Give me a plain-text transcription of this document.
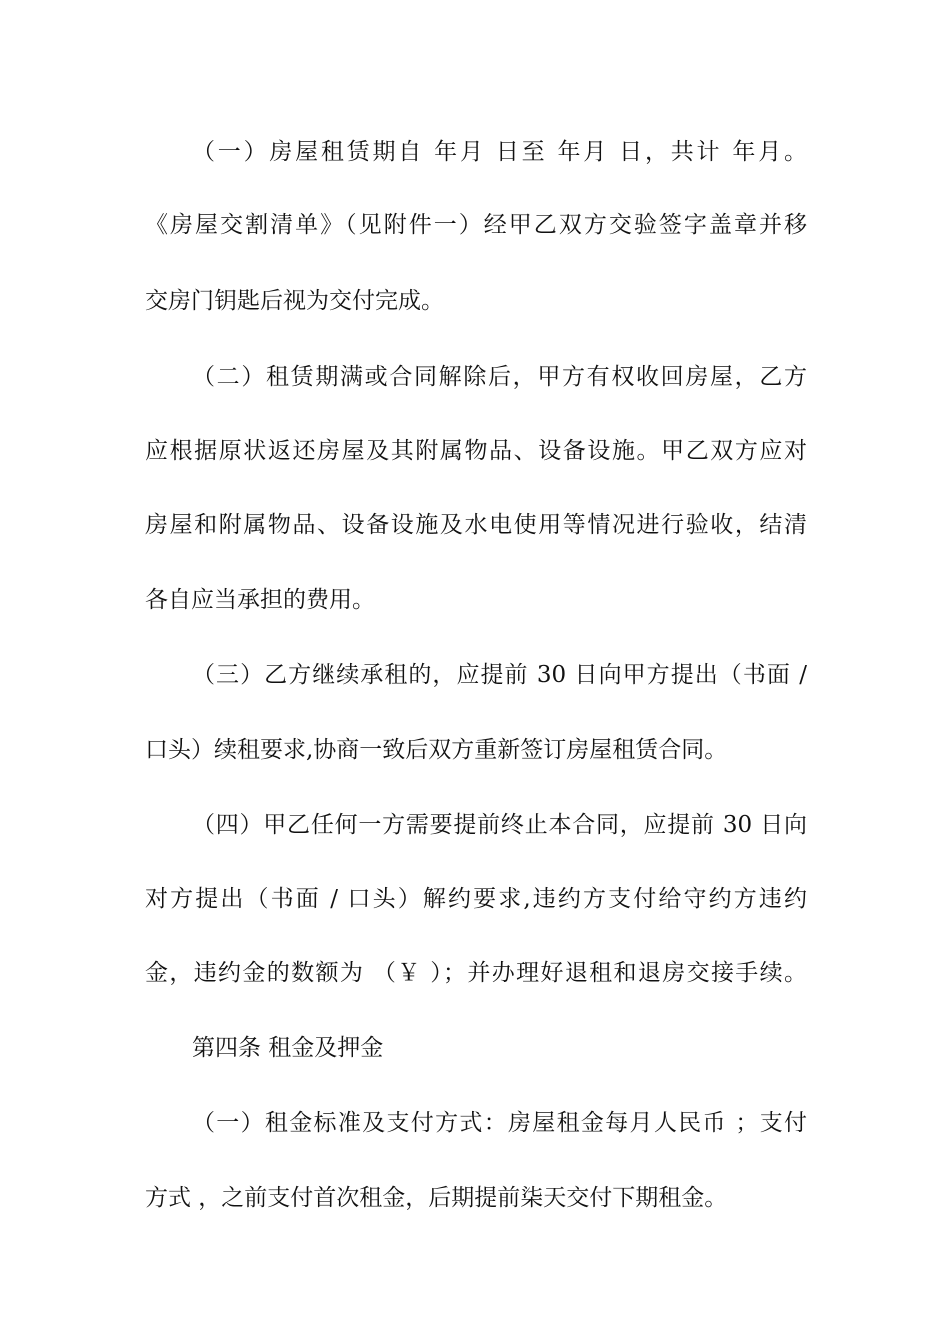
（一）房屋租赁期自 年月 日至 年月 日，共计 年月。
《房屋交割清单》（见附件一）经甲乙双方交验签字盖章并移
交房门钥匙后视为交付完成。
（二）租赁期满或合同解除后，甲方有权收回房屋，乙方
应根据原状返还房屋及其附属物品、设备设施。甲乙双方应对
房屋和附属物品、设备设施及水电使用等情况进行验收，结清
各自应当承担的费用。
（三）乙方继续承租的，应提前 30 日向甲方提出（书面 /
口头）续租要求,协商一致后双方重新签订房屋租赁合同。
（四）甲乙任何一方需要提前终止本合同，应提前 30 日向
对方提出（书面 / 口头）解约要求,违约方支付给守约方违约
金，违约金的数额为 （￥ ）；并办理好退租和退房交接手续。
第四条 租金及押金
（一）租金标准及支付方式：房屋租金每月人民币 ；支付
方式 ，之前支付首次租金，后期提前柒天交付下期租金。
